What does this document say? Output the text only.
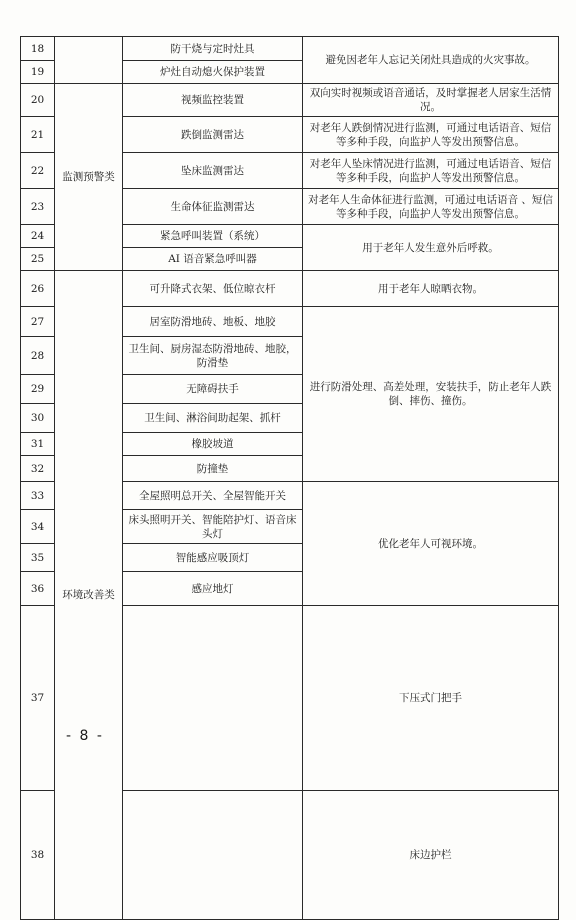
18		防干烧与定时灶具	避免因老年人忘记关闭灶具造成的火灾事故。	
19		炉灶自动熄火保护装置		
20	监测预警类	视频监控装置	双向实时视频或语音通话，及时掌握老人居家生活情况。	
21		跌倒监测雷达	对老年人跌倒情况进行监测，可通过电话语音、短信等多种手段，向监护人等发出预警信息。	
22		坠床监测雷达	对老年人坠床情况进行监测，可通过电话语音、短信等多种手段，向监护人等发出预警信息。	
23		生命体征监测雷达	对老年人生命体征进行监测，可通过电话语音 、短信等多种手段，向监护人等发出预警信息。	
24		紧急呼叫装置（系统）	用于老年人发生意外后呼救。	
25		AI 语音紧急呼叫器		
26	环境改善类	可升降式衣架、低位晾衣杆	用于老年人晾晒衣物。	
27		居室防滑地砖、地板、地胶	进行防滑处理、高差处理，安装扶手，防止老年人跌倒、摔伤、撞伤。	
28		卫生间、厨房湿态防滑地砖、地胶，防滑垫		
29		无障碍扶手		
30		卫生间、淋浴间助起架、抓杆		
31		橡胶坡道		
32		防撞垫		
33		全屋照明总开关、全屋智能开关	优化老年人可视环境。	
34		床头照明开关、智能陪护灯、语音床头灯		
35		智能感应吸顶灯		
36		感应地灯		
37			下压式门把手	
38			床边护栏	
- 8 -
